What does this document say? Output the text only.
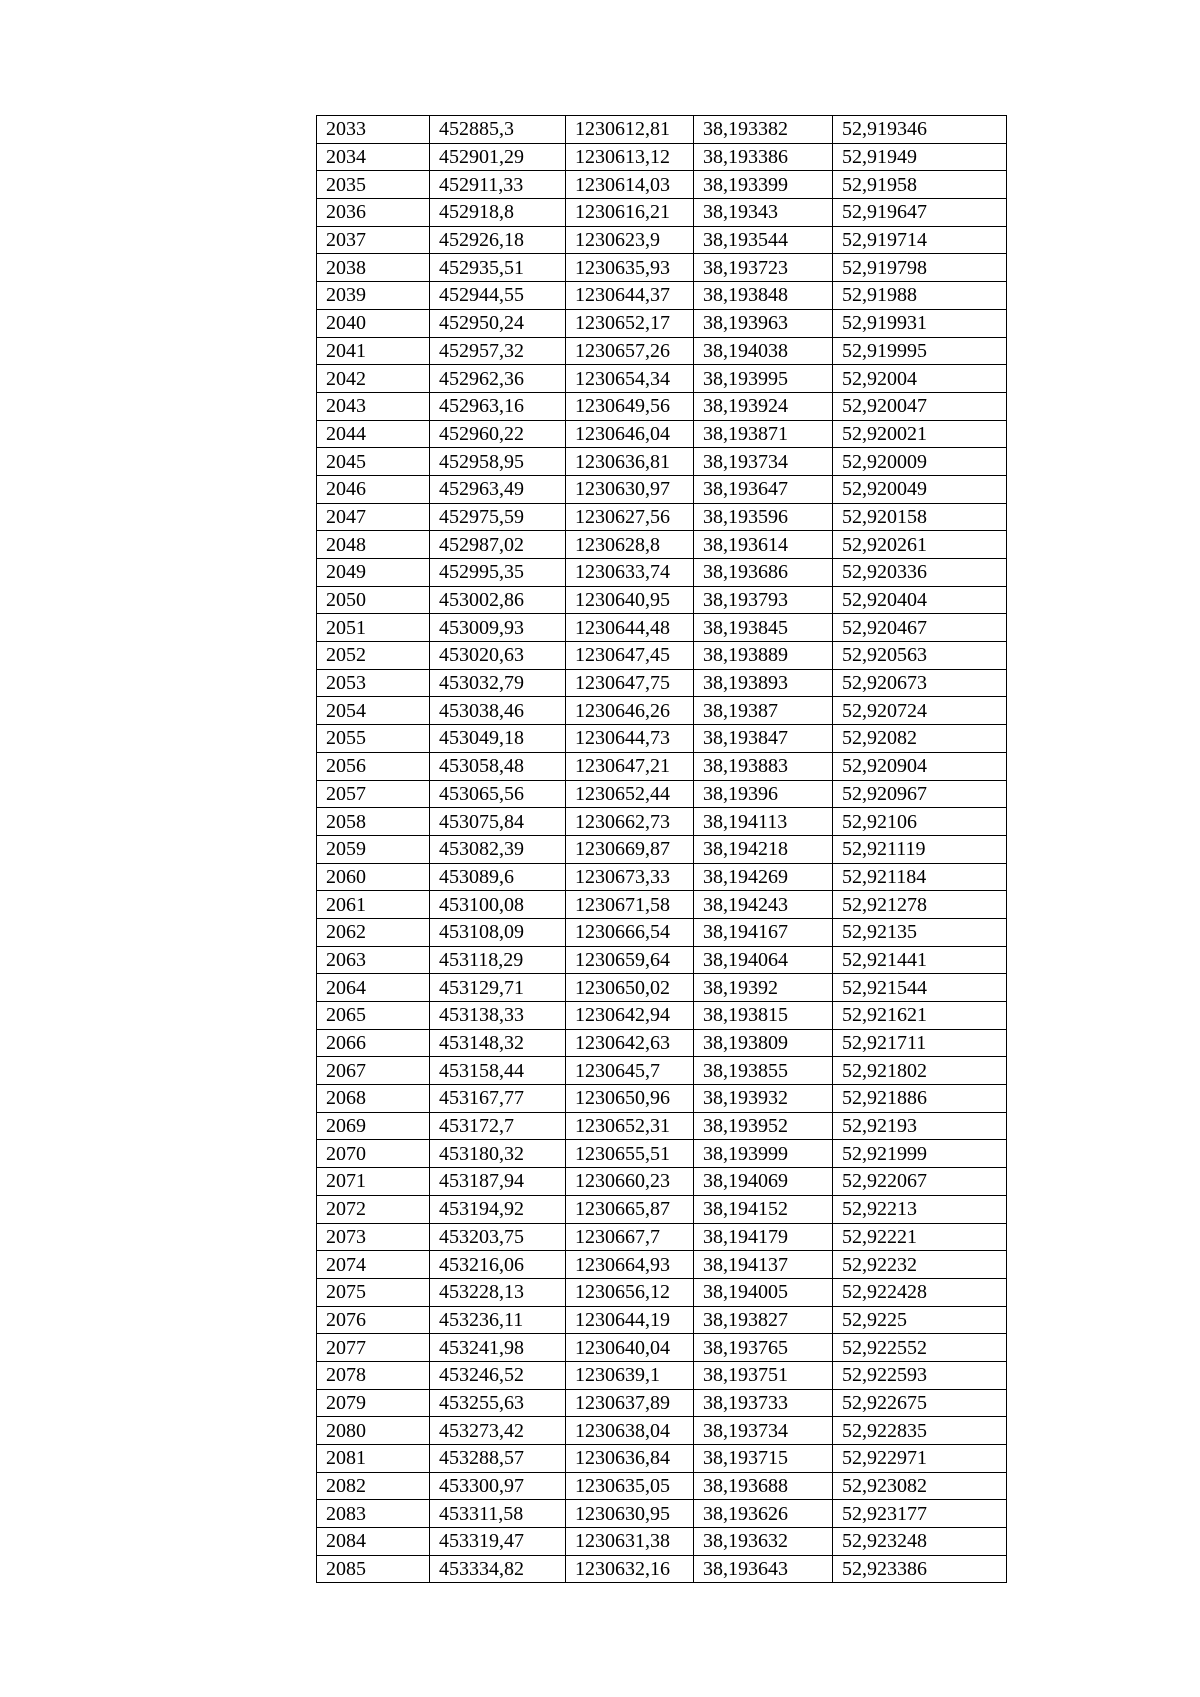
2033	452885,3	1230612,81	38,193382	52,919346
2034	452901,29	1230613,12	38,193386	52,91949
2035	452911,33	1230614,03	38,193399	52,91958
2036	452918,8	1230616,21	38,19343	52,919647
2037	452926,18	1230623,9	38,193544	52,919714
2038	452935,51	1230635,93	38,193723	52,919798
2039	452944,55	1230644,37	38,193848	52,91988
2040	452950,24	1230652,17	38,193963	52,919931
2041	452957,32	1230657,26	38,194038	52,919995
2042	452962,36	1230654,34	38,193995	52,92004
2043	452963,16	1230649,56	38,193924	52,920047
2044	452960,22	1230646,04	38,193871	52,920021
2045	452958,95	1230636,81	38,193734	52,920009
2046	452963,49	1230630,97	38,193647	52,920049
2047	452975,59	1230627,56	38,193596	52,920158
2048	452987,02	1230628,8	38,193614	52,920261
2049	452995,35	1230633,74	38,193686	52,920336
2050	453002,86	1230640,95	38,193793	52,920404
2051	453009,93	1230644,48	38,193845	52,920467
2052	453020,63	1230647,45	38,193889	52,920563
2053	453032,79	1230647,75	38,193893	52,920673
2054	453038,46	1230646,26	38,19387	52,920724
2055	453049,18	1230644,73	38,193847	52,92082
2056	453058,48	1230647,21	38,193883	52,920904
2057	453065,56	1230652,44	38,19396	52,920967
2058	453075,84	1230662,73	38,194113	52,92106
2059	453082,39	1230669,87	38,194218	52,921119
2060	453089,6	1230673,33	38,194269	52,921184
2061	453100,08	1230671,58	38,194243	52,921278
2062	453108,09	1230666,54	38,194167	52,92135
2063	453118,29	1230659,64	38,194064	52,921441
2064	453129,71	1230650,02	38,19392	52,921544
2065	453138,33	1230642,94	38,193815	52,921621
2066	453148,32	1230642,63	38,193809	52,921711
2067	453158,44	1230645,7	38,193855	52,921802
2068	453167,77	1230650,96	38,193932	52,921886
2069	453172,7	1230652,31	38,193952	52,92193
2070	453180,32	1230655,51	38,193999	52,921999
2071	453187,94	1230660,23	38,194069	52,922067
2072	453194,92	1230665,87	38,194152	52,92213
2073	453203,75	1230667,7	38,194179	52,92221
2074	453216,06	1230664,93	38,194137	52,92232
2075	453228,13	1230656,12	38,194005	52,922428
2076	453236,11	1230644,19	38,193827	52,9225
2077	453241,98	1230640,04	38,193765	52,922552
2078	453246,52	1230639,1	38,193751	52,922593
2079	453255,63	1230637,89	38,193733	52,922675
2080	453273,42	1230638,04	38,193734	52,922835
2081	453288,57	1230636,84	38,193715	52,922971
2082	453300,97	1230635,05	38,193688	52,923082
2083	453311,58	1230630,95	38,193626	52,923177
2084	453319,47	1230631,38	38,193632	52,923248
2085	453334,82	1230632,16	38,193643	52,923386
